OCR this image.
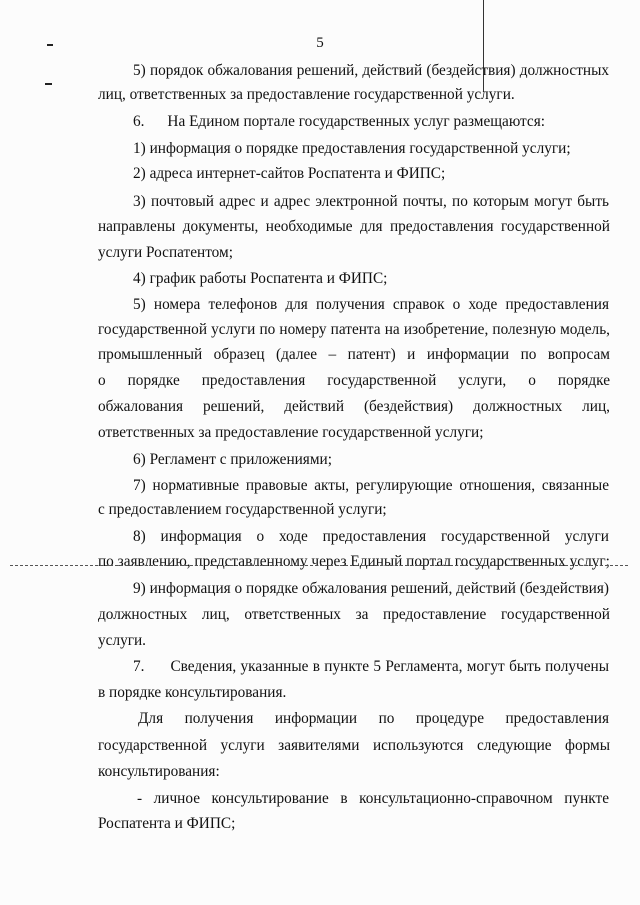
5
5) порядок обжалования решений, действий (бездействия) должностных
лиц, ответственных за предоставление государственной услуги.
6.      На Едином портале государственных услуг размещаются:
1) информация о порядке предоставления государственной услуги;
2) адреса интернет-сайтов Роспатента и ФИПС;
3) почтовый адрес и адрес электронной почты, по которым могут быть
направлены документы, необходимые для предоставления государственной
услуги Роспатентом;
4) график работы Роспатента и ФИПС;
5) номера телефонов для получения справок о ходе предоставления
государственной услуги по номеру патента на изобретение, полезную модель,
промышленный образец (далее – патент) и информации по вопросам
о порядке предоставления государственной услуги, о порядке
обжалования решений, действий (бездействия) должностных лиц,
ответственных за предоставление государственной услуги;
6) Регламент с приложениями;
7) нормативные правовые акты, регулирующие отношения, связанные
с предоставлением государственной услуги;
8) информация о ходе предоставления государственной услуги
по заявлению, представленному через Единый портал государственных услуг;
9) информация о порядке обжалования решений, действий (бездействия)
должностных лиц, ответственных за предоставление государственной
услуги.
7.      Сведения, указанные в пункте 5 Регламента, могут быть получены
в порядке консультирования.
Для получения информации по процедуре предоставления
государственной услуги заявителями используются следующие формы
консультирования:
- личное консультирование в консультационно-справочном пункте
Роспатента и ФИПС;
